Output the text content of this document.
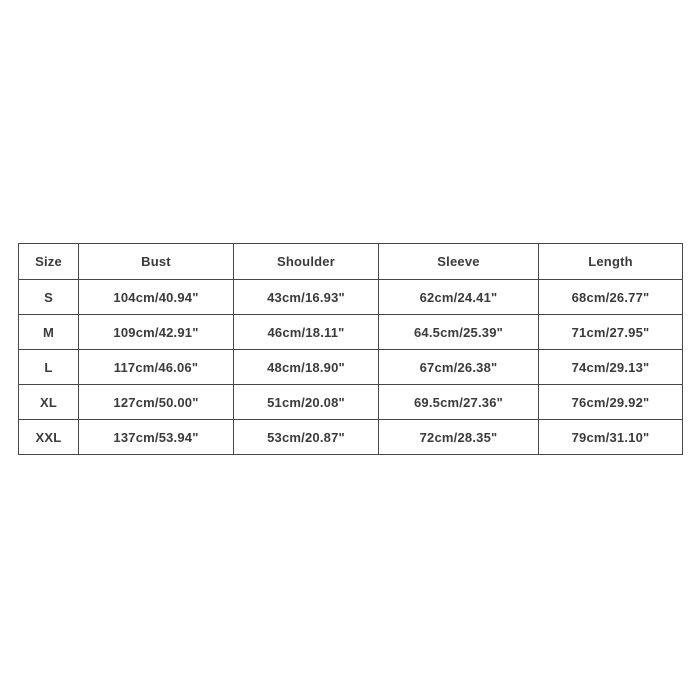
Size	Bust	Shoulder	Sleeve	Length
S	104cm/40.94"	43cm/16.93"	62cm/24.41"	68cm/26.77"
M	109cm/42.91"	46cm/18.11"	64.5cm/25.39"	71cm/27.95"
L	117cm/46.06"	48cm/18.90"	67cm/26.38"	74cm/29.13"
XL	127cm/50.00"	51cm/20.08"	69.5cm/27.36"	76cm/29.92"
XXL	137cm/53.94"	53cm/20.87"	72cm/28.35"	79cm/31.10"
